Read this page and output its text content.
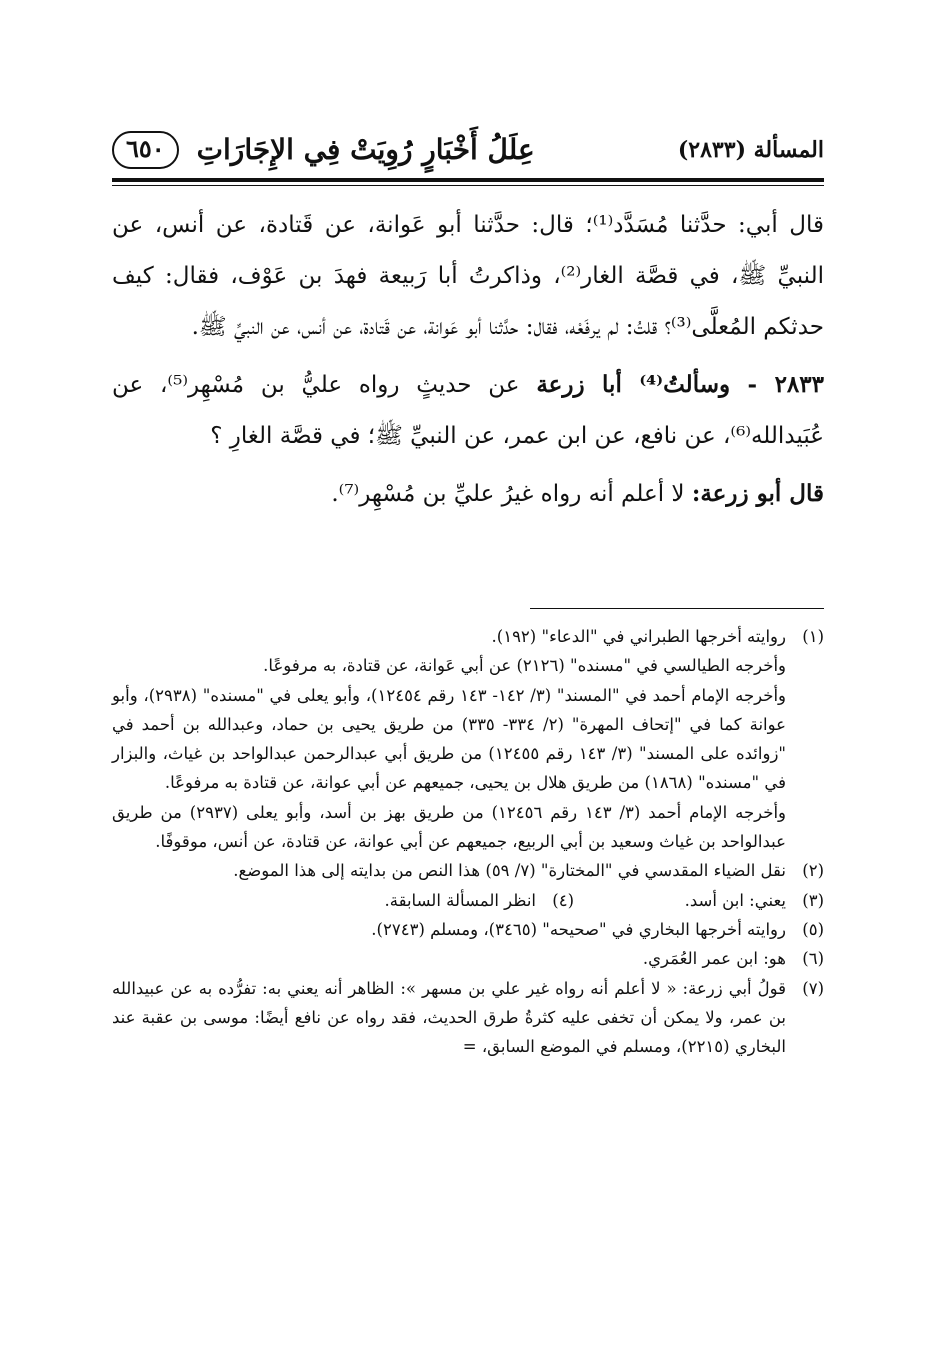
المسألة (٢٨٣٣)
عِلَلُ أَخْبَارٍ رُوِيَتْ فِي الإِجَارَاتِ
٦٥٠

قال أبي: حدَّثنا مُسَدَّد⁽¹⁾؛ قال: حدَّثنا أبو عَوانة، عن قَتادة، عن أنس، عن النبيِّ ﷺ، في قصَّة الغار⁽²⁾، وذاكرتُ أبا رَبيعة فهدَ بن عَوْف، فقال: كيف حدثكم المُعلَّى⁽³⁾؟ قلتُ: لم يرفَعْه، فقال: حدَّثنا أبو عَوانة، عن قَتادة، عن أنس، عن النبيِّ ﷺ.

٢٨٣٣ - وسألتُ⁽⁴⁾ أبا زرعة عن حديثٍ رواه عليُّ بن مُسْهِر⁽⁵⁾، عن عُبَيدالله⁽⁶⁾، عن نافع، عن ابن عمر، عن النبيِّ ﷺ؛ في قصَّة الغارِ ؟

قال أبو زرعة: لا أعلم أنه رواه غيرُ عليِّ بن مُسْهِر⁽⁷⁾.

(١)

روايته أخرجها الطبراني في "الدعاء" (١٩٢).

وأخرجه الطيالسي في "مسنده" (٢١٢٦) عن أبي عَوانة، عن قتادة، به مرفوعًا.

وأخرجه الإمام أحمد في "المسند" (٣/ ١٤٢- ١٤٣ رقم ١٢٤٥٤)، وأبو يعلى في "مسنده" (٢٩٣٨)، وأبو عوانة كما في "إتحاف المهرة" (٢/ ٣٣٤- ٣٣٥) من طريق يحيى بن حماد، وعبدالله بن أحمد في "زوائده على المسند" (٣/ ١٤٣ رقم ١٢٤٥٥) من طريق أبي عبدالرحمن عبدالواحد بن غياث، والبزار في "مسنده" (١٨٦٨) من طريق هلال بن يحيى، جميعهم عن أبي عوانة، عن قتادة به مرفوعًا.

وأخرجه الإمام أحمد (٣/ ١٤٣ رقم ١٢٤٥٦) من طريق بهز بن أسد، وأبو يعلى (٢٩٣٧) من طريق عبدالواحد بن غياث وسعيد بن أبي الربيع، جميعهم عن أبي عوانة، عن قتادة، عن أنس، موقوفًا.

(٢)

نقل الضياء المقدسي في "المختارة" (٧/ ٥٩) هذا النص من بدايته إلى هذا الموضع.

(٣)
يعني: ابن أسد.
(٤)
انظر المسألة السابقة.
(٥)

روايته أخرجها البخاري في "صحيحه" (٣٤٦٥)، ومسلم (٢٧٤٣).

(٦)

هو: ابن عمر العُمَري.

(٧)

قولُ أبي زرعة: « لا أعلم أنه رواه غير علي بن مسهر »: الظاهر أنه يعني به: تفرُّده به عن عبيدالله بن عمر، ولا يمكن أن تخفى عليه كثرةُ طرق الحديث، فقد رواه عن نافع أيضًا: موسى بن عقبة عند البخاري (٢٢١٥)، ومسلم في الموضع السابق، =
